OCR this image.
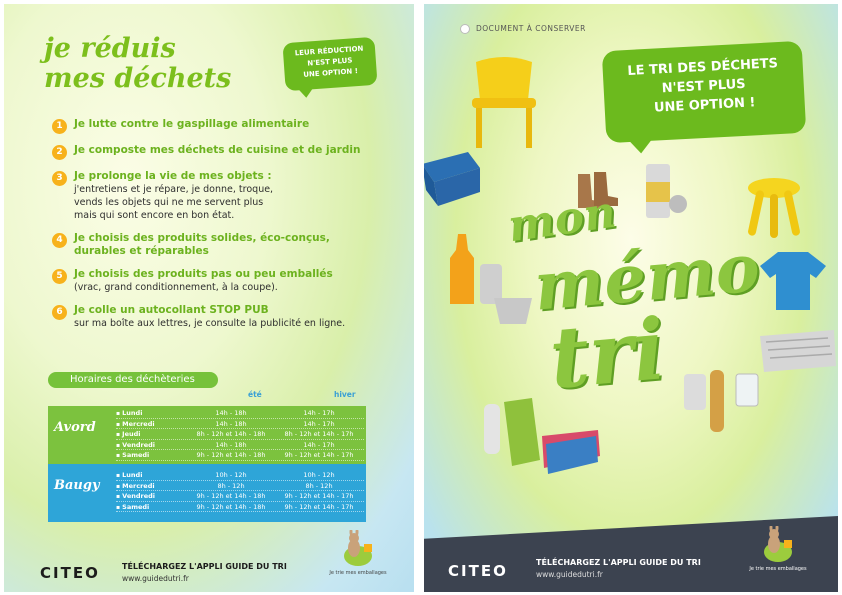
je réduis
mes déchets
LEUR RÉDUCTION
N'EST PLUS
UNE OPTION !
1	Je lutte contre le gaspillage alimentaire
2	Je composte mes déchets de cuisine et de jardin
3	Je prolonge la vie de mes objets :
j'entretiens et je répare, je donne, troque,
vends les objets qui ne me servent plus
mais qui sont encore en bon état.
4	Je choisis des produits solides, éco-conçus,
durables et réparables
5	Je choisis des produits pas ou peu emballés
(vrac, grand conditionnement, à la coupe).
6	Je colle un autocollant STOP PUB
sur ma boîte aux lettres, je consulte la publicité en ligne.
Horaires des déchèteries
été	hiver
Avord
▪ Lundi	14h - 18h	14h - 17h
▪ Mercredi	14h - 18h	14h - 17h
▪ Jeudi	8h - 12h et 14h - 18h	8h - 12h et 14h - 17h
▪ Vendredi	14h - 18h	14h - 17h
▪ Samedi	9h - 12h et 14h - 18h	9h - 12h et 14h - 17h
Baugy
▪ Lundi	10h - 12h	10h - 12h
▪ Mercredi	8h - 12h	8h - 12h
▪ Vendredi	9h - 12h et 14h - 18h	9h - 12h et 14h - 17h
▪ Samedi	9h - 12h et 14h - 18h	9h - 12h et 14h - 17h
CITEO	TÉLÉCHARGEZ L'APPLI GUIDE DU TRI
www.guidedutri.fr
Je trie mes emballages

DOCUMENT À CONSERVER
LE TRI DES DÉCHETS
N'EST PLUS
UNE OPTION !
mon
mémo
tri
CITEO	TÉLÉCHARGEZ L'APPLI GUIDE DU TRI
www.guidedutri.fr
Je trie mes emballages
